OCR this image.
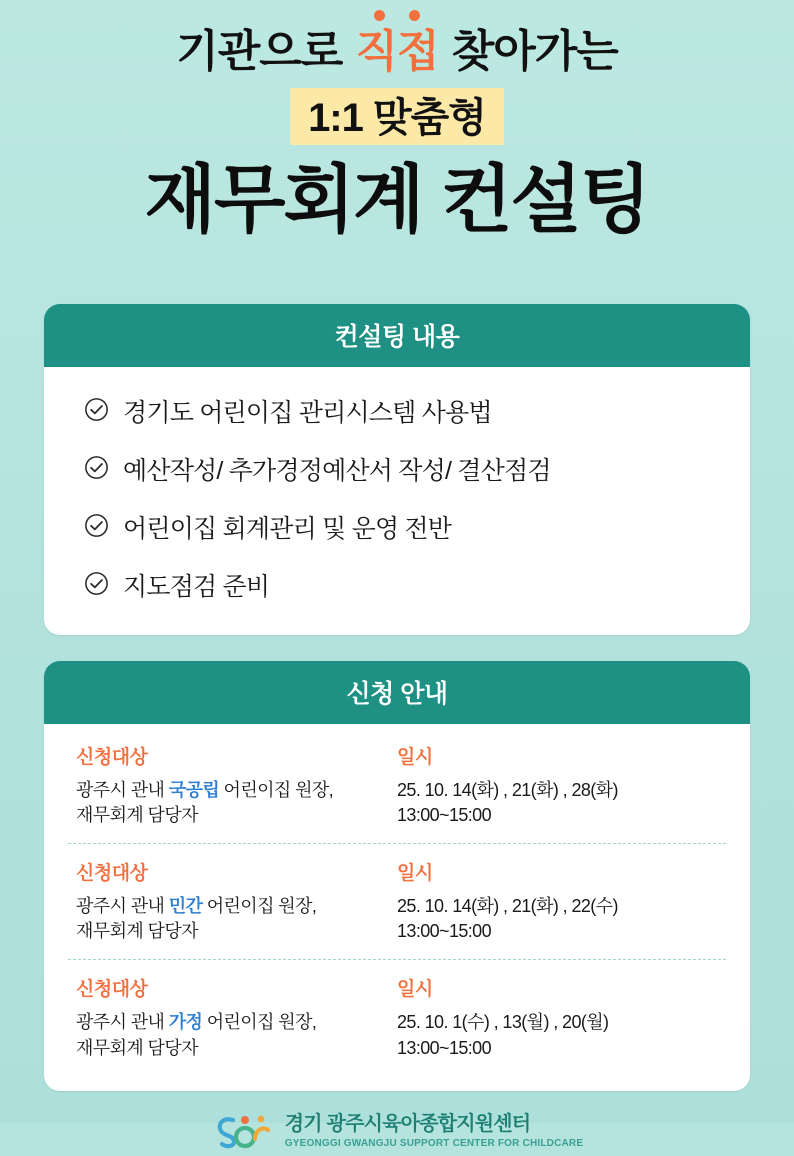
기관으로
직접 찾아가는
1:1 맞춤형
재무회계 컨설팅
컨설팅 내용
경기도 어린이집 관리시스템 사용법
예산작성/ 추가경정예산서 작성/ 결산점검
어린이집 회계관리 및 운영 전반
지도점검 준비
신청 안내
신청대상
광주시 관내 국공립 어린이집 원장,
재무회계 담당자
일시
25. 10. 14(화) , 21(화) , 28(화)
13:00~15:00
신청대상
광주시 관내 민간 어린이집 원장,
재무회계 담당자
일시
25. 10. 14(화) , 21(화) , 22(수)
13:00~15:00
신청대상
광주시 관내 가정 어린이집 원장,
재무회계 담당자
일시
25. 10. 1(수) , 13(월) , 20(월)
13:00~15:00
경기 광주시육아종합지원센터
GYEONGGI GWANGJU SUPPORT CENTER FOR CHILDCARE
